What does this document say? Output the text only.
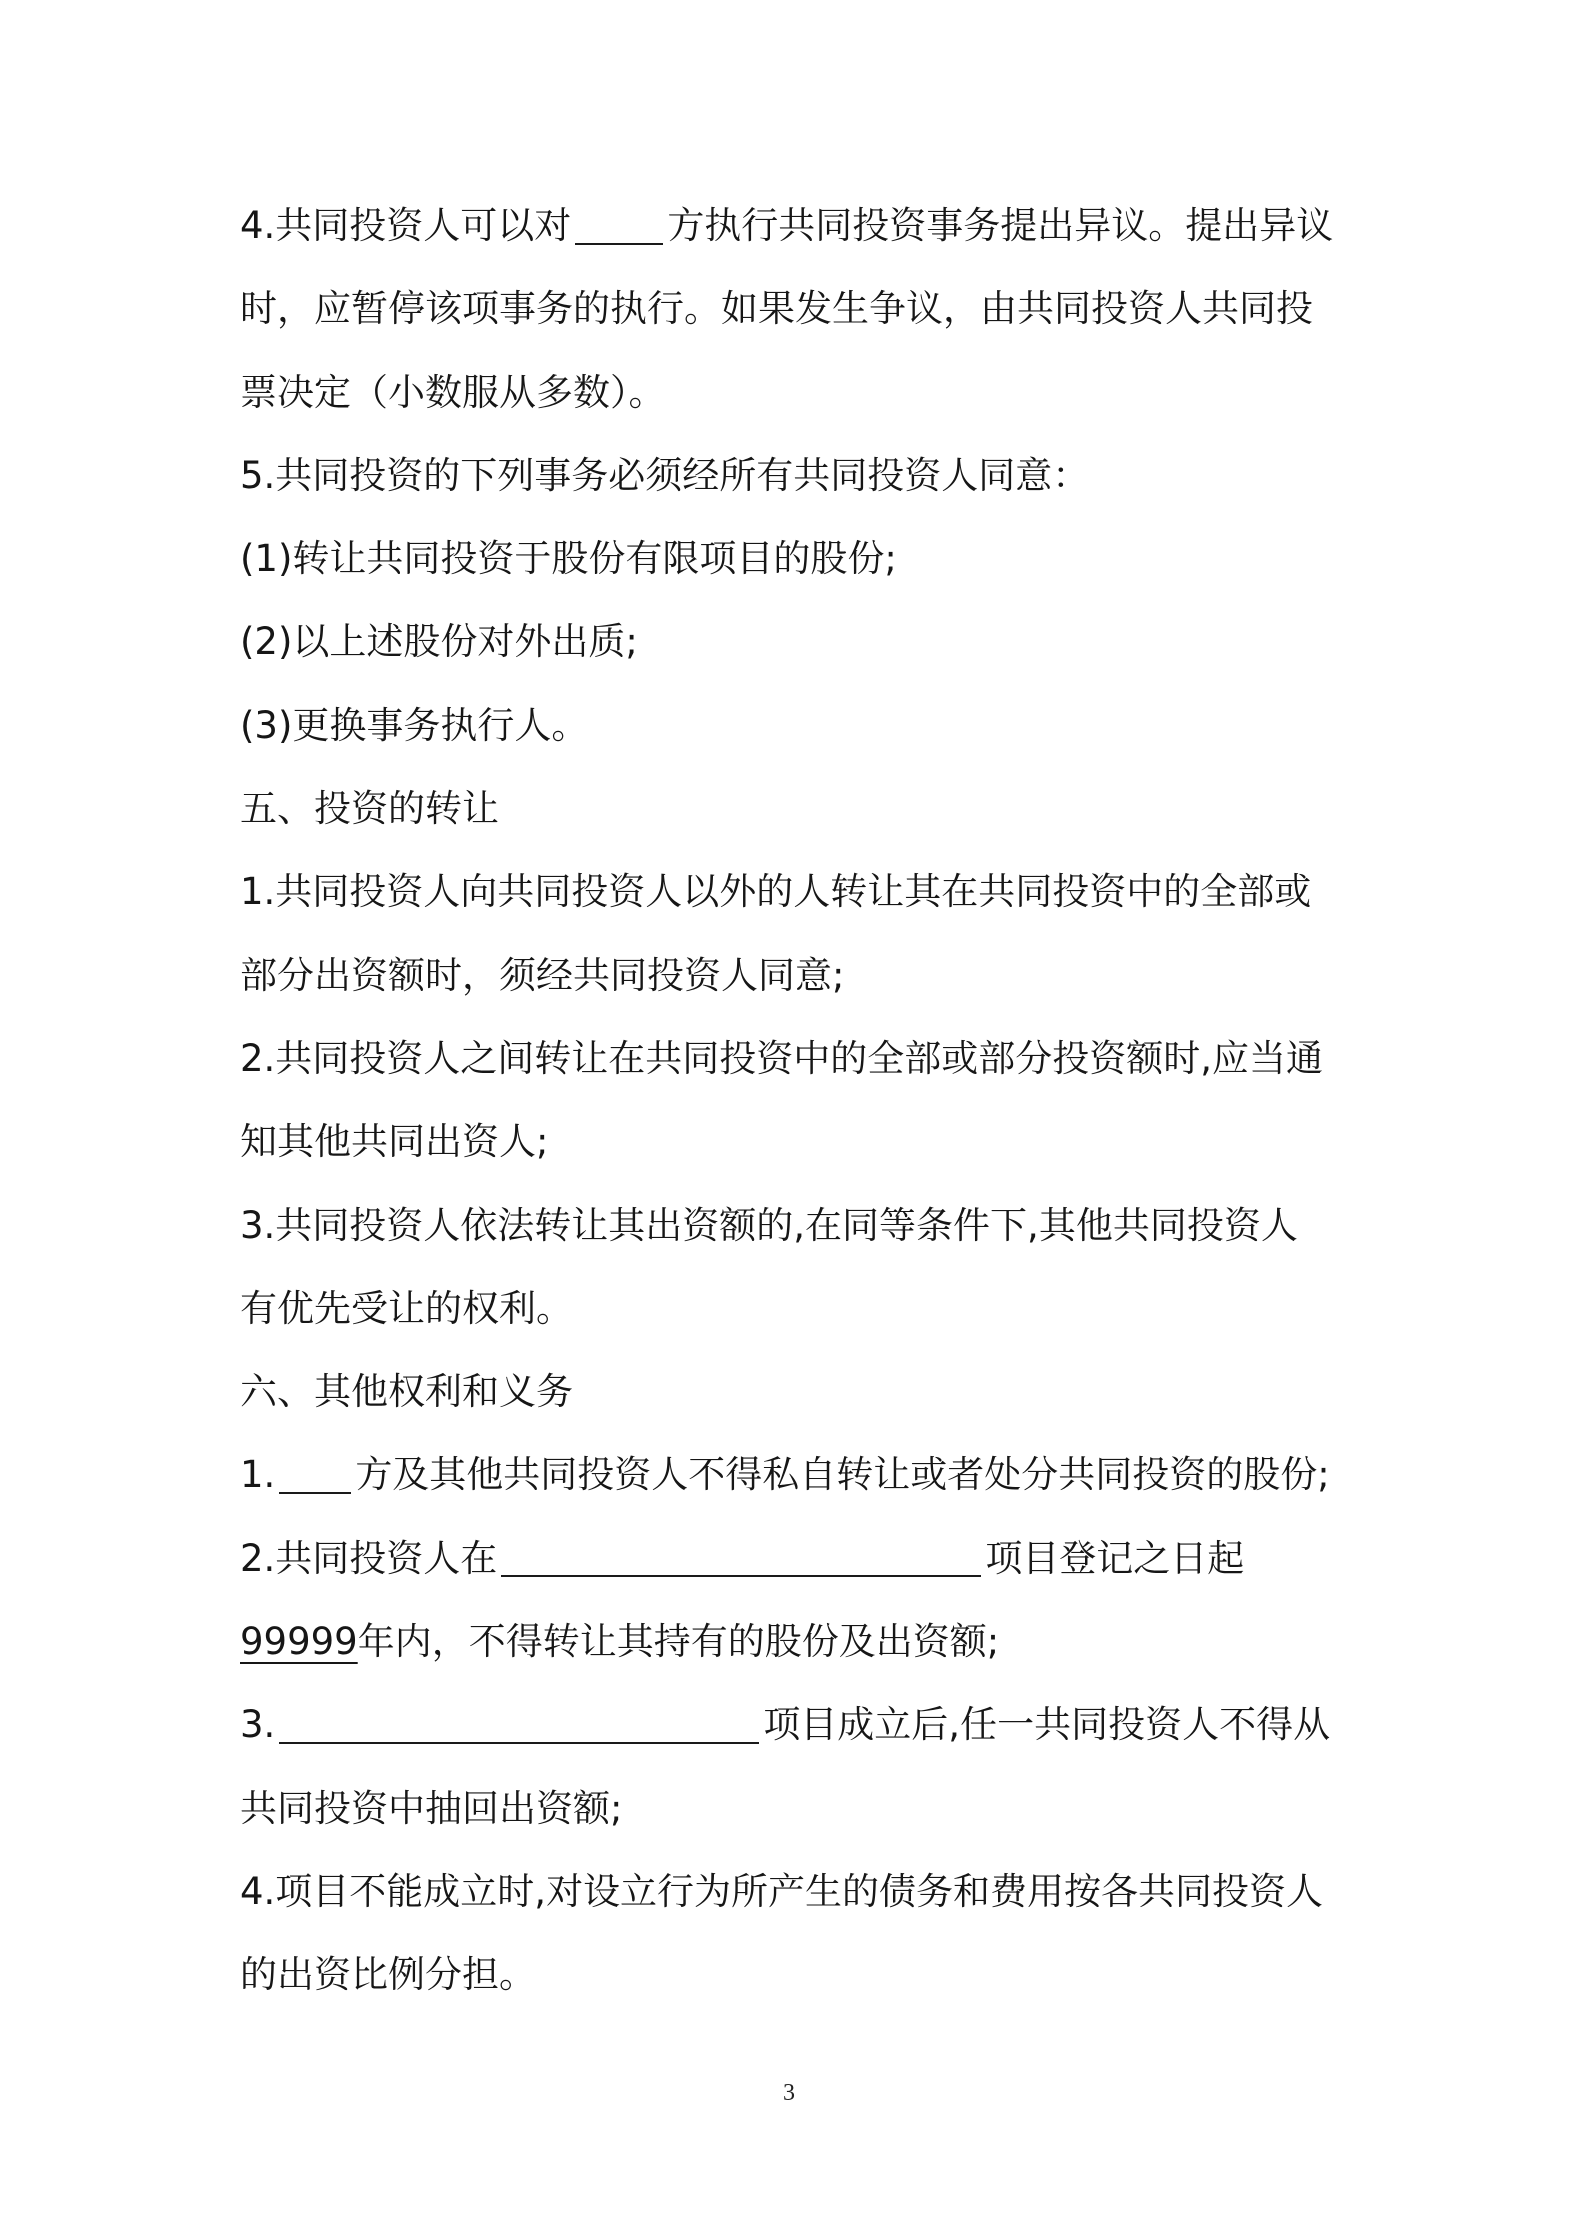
4.共同投资人可以对	方执行共同投资事务提出异议。提出异议
时，应暂停该项事务的执行。如果发生争议，由共同投资人共同投
票决定（小数服从多数）。
5.共同投资的下列事务必须经所有共同投资人同意：
(1)转让共同投资于股份有限项目的股份;
(2)以上述股份对外出质;
(3)更换事务执行人。
五、投资的转让
1.共同投资人向共同投资人以外的人转让其在共同投资中的全部或
部分出资额时，须经共同投资人同意;
2.共同投资人之间转让在共同投资中的全部或部分投资额时,应当通
知其他共同出资人;
3.共同投资人依法转让其出资额的,在同等条件下,其他共同投资人
有优先受让的权利。
六、其他权利和义务
1. 方及其他共同投资人不得私自转让或者处分共同投资的股份;
2.共同投资人在	项目登记之日起
99999年内，不得转让其持有的股份及出资额;
3.	项目成立后,任一共同投资人不得从
共同投资中抽回出资额;
4.项目不能成立时,对设立行为所产生的债务和费用按各共同投资人
的出资比例分担。
3
